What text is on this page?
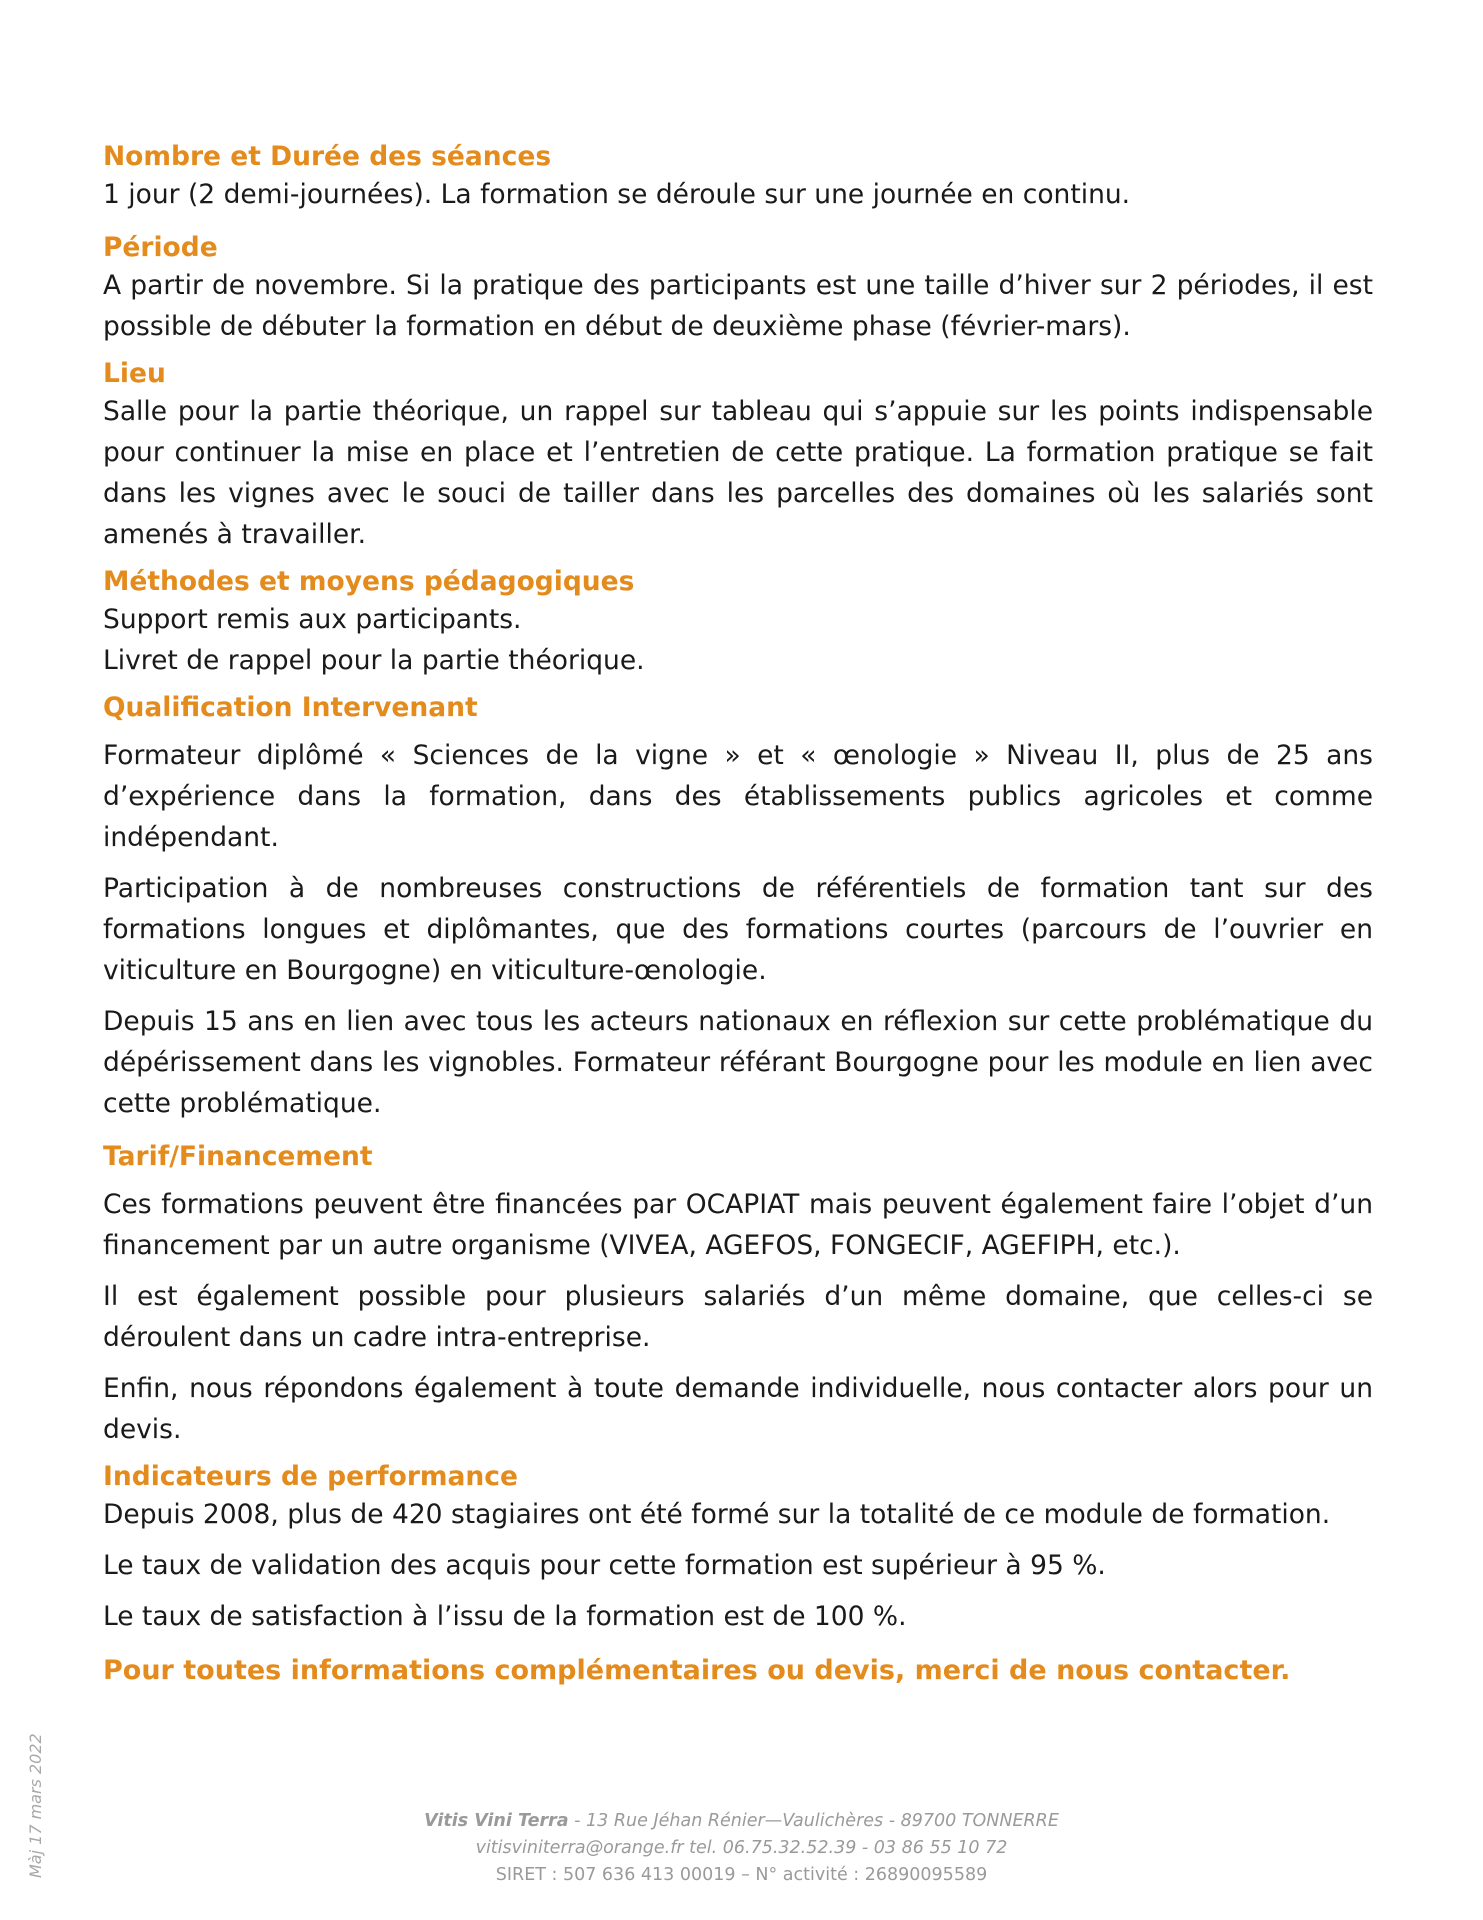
Nombre et Durée des séances

1 jour (2 demi-journées). La formation se déroule sur une journée en continu.

Période

A partir de novembre. Si la pratique des participants est une taille d’hiver sur 2 périodes, il est possible de débuter la formation en début de deuxième phase (février-mars).

Lieu

Salle pour la partie théorique, un rappel sur tableau qui s’appuie sur les points indispensable pour continuer la mise en place et l’entretien de cette pratique. La formation pratique se fait dans les vignes avec le souci de tailler dans les parcelles des domaines où les salariés sont amenés à travailler.

Méthodes et moyens pédagogiques

Support remis aux participants.

Livret de rappel pour la partie théorique.

Qualification Intervenant

Formateur diplômé « Sciences de la vigne » et « œnologie » Niveau II, plus de 25 ans d’expérience dans la formation, dans des établissements publics agricoles et comme indépendant.

Participation à de nombreuses constructions de référentiels de formation tant sur des formations longues et diplômantes, que des formations courtes (parcours de l’ouvrier en viticulture en Bourgogne) en viticulture-œnologie.

Depuis 15 ans en lien avec tous les acteurs nationaux en réflexion sur cette problématique du dépérissement dans les vignobles. Formateur référant Bourgogne pour les module en lien avec cette problématique.

Tarif/Financement

Ces formations peuvent être financées par OCAPIAT mais peuvent également faire l’objet d’un financement par un autre organisme (VIVEA, AGEFOS, FONGECIF, AGEFIPH, etc.).

Il est également possible pour plusieurs salariés d’un même domaine, que celles-ci se déroulent dans un cadre intra-entreprise.

Enfin, nous répondons également à toute demande individuelle, nous contacter alors pour un devis.

Indicateurs de performance

Depuis 2008, plus de 420 stagiaires ont été formé sur la totalité de ce module de formation.

Le taux de validation des acquis pour cette formation est supérieur à 95 %.

Le taux de satisfaction à l’issu de la formation est de 100 %.

Pour toutes informations complémentaires ou devis, merci de nous contacter.

Màj 17 mars 2022	Vitis Vini Terra - 13 Rue Jéhan Rénier—Vaulichères - 89700 TONNERRE
vitisviniterra@orange.fr tel. 06.75.32.52.39 - 03 86 55 10 72
SIRET : 507 636 413 00019 – N° activité : 26890095589
